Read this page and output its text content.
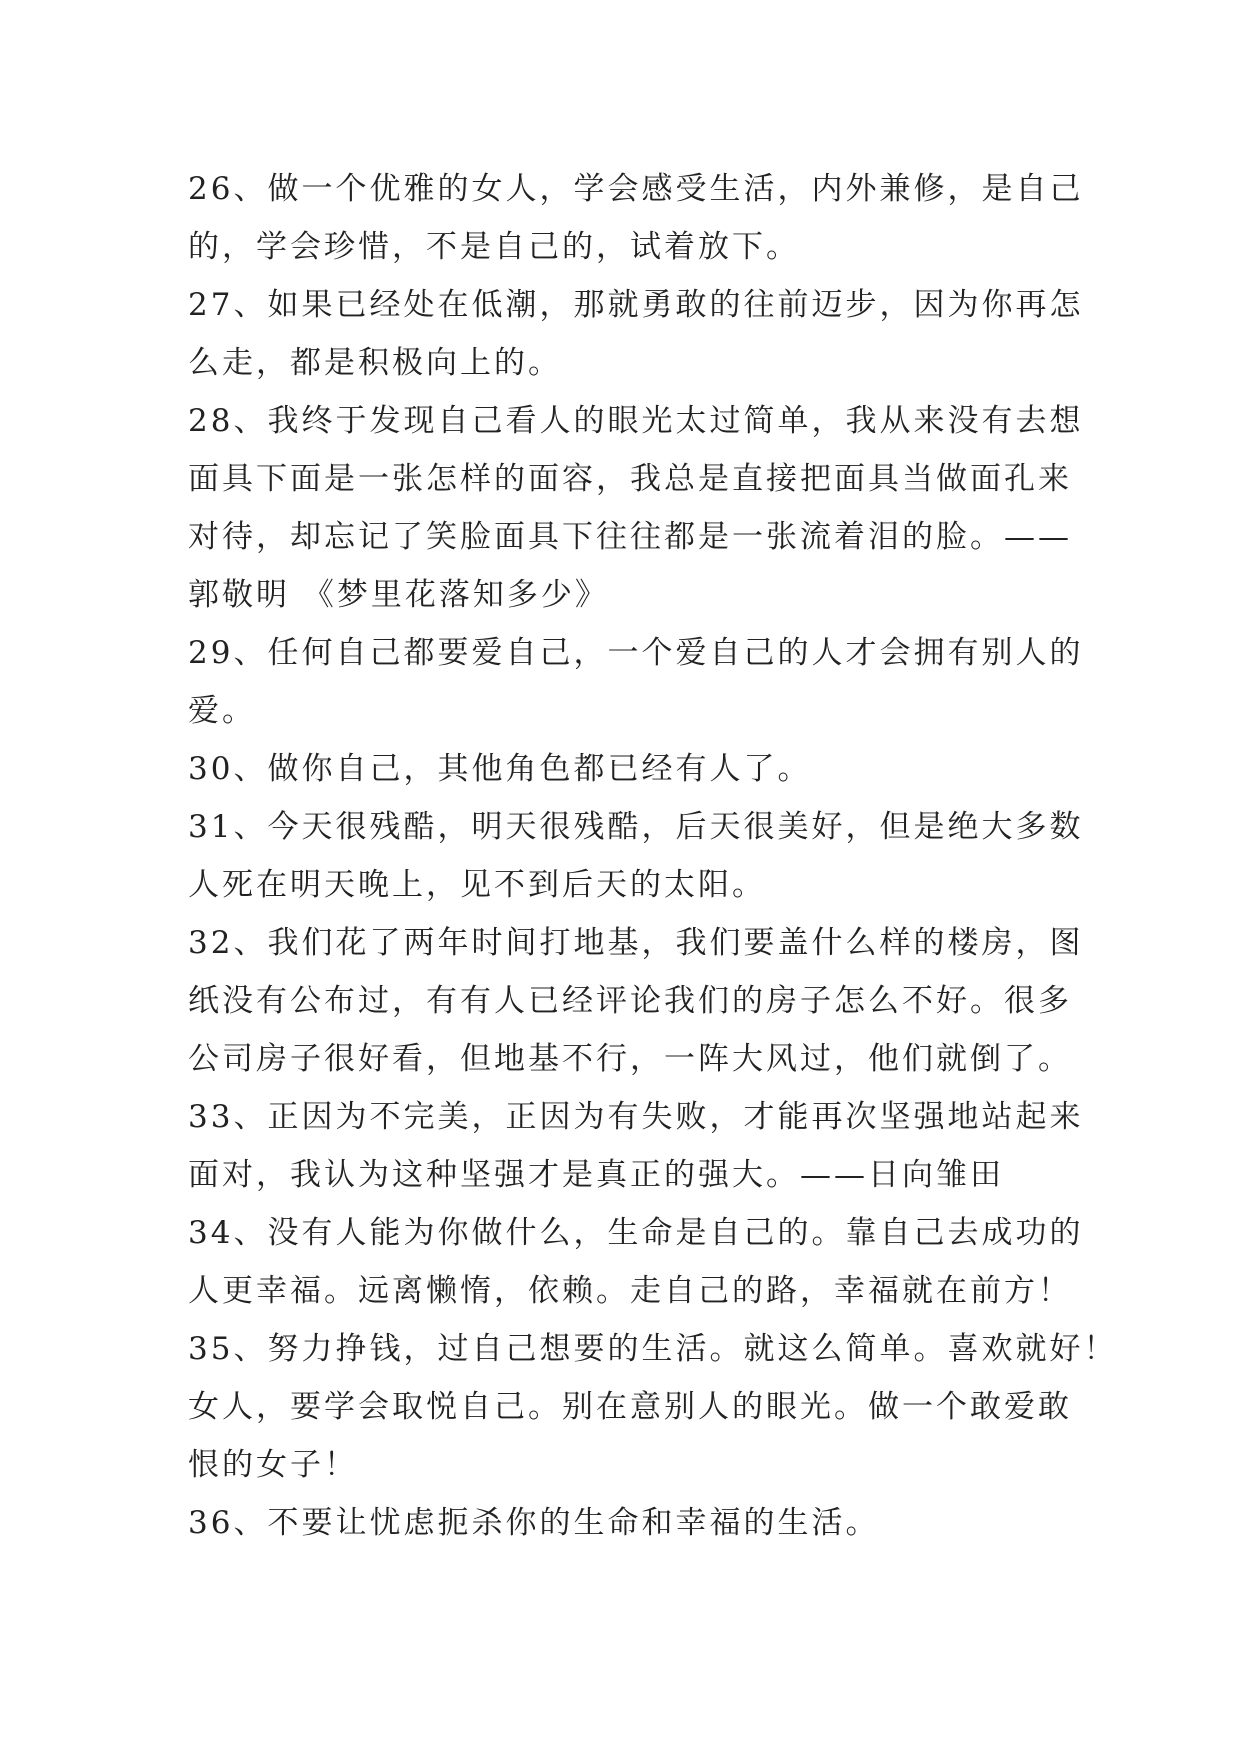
26、做一个优雅的女人，学会感受生活，内外兼修，是自己
的，学会珍惜，不是自己的，试着放下。
27、如果已经处在低潮，那就勇敢的往前迈步，因为你再怎
么走，都是积极向上的。
28、我终于发现自己看人的眼光太过简单，我从来没有去想
面具下面是一张怎样的面容，我总是直接把面具当做面孔来
对待，却忘记了笑脸面具下往往都是一张流着泪的脸。——
郭敬明 《梦里花落知多少》
29、任何自己都要爱自己，一个爱自己的人才会拥有别人的
爱。
30、做你自己，其他角色都已经有人了。
31、今天很残酷，明天很残酷，后天很美好，但是绝大多数
人死在明天晚上，见不到后天的太阳。
32、我们花了两年时间打地基，我们要盖什么样的楼房，图
纸没有公布过，有有人已经评论我们的房子怎么不好。很多
公司房子很好看，但地基不行，一阵大风过，他们就倒了。
33、正因为不完美，正因为有失败，才能再次坚强地站起来
面对，我认为这种坚强才是真正的强大。——日向雏田
34、没有人能为你做什么，生命是自己的。靠自己去成功的
人更幸福。远离懒惰，依赖。走自己的路，幸福就在前方！
35、努力挣钱，过自己想要的生活。就这么简单。喜欢就好！
女人，要学会取悦自己。别在意别人的眼光。做一个敢爱敢
恨的女子！
36、不要让忧虑扼杀你的生命和幸福的生活。
